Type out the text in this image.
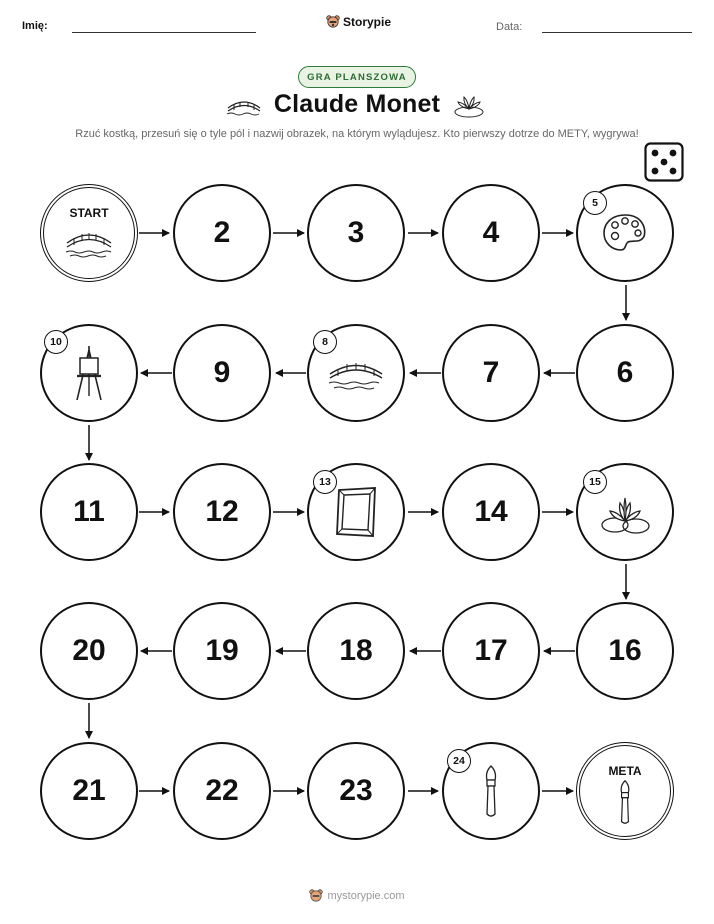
Imię:	Storypie	Data:
GRA PLANSZOWA
Claude Monet
Rzuć kostką, przesuń się o tyle pól i nazwij obrazek, na którym wylądujesz. Kto pierwszy dotrze do METY, wygrywa!
START
2	3	4
5
10
9
8
7	6
11	12
13
14
15
20	19	18	17	16
21	22	23
24
META
mystorypie.com
